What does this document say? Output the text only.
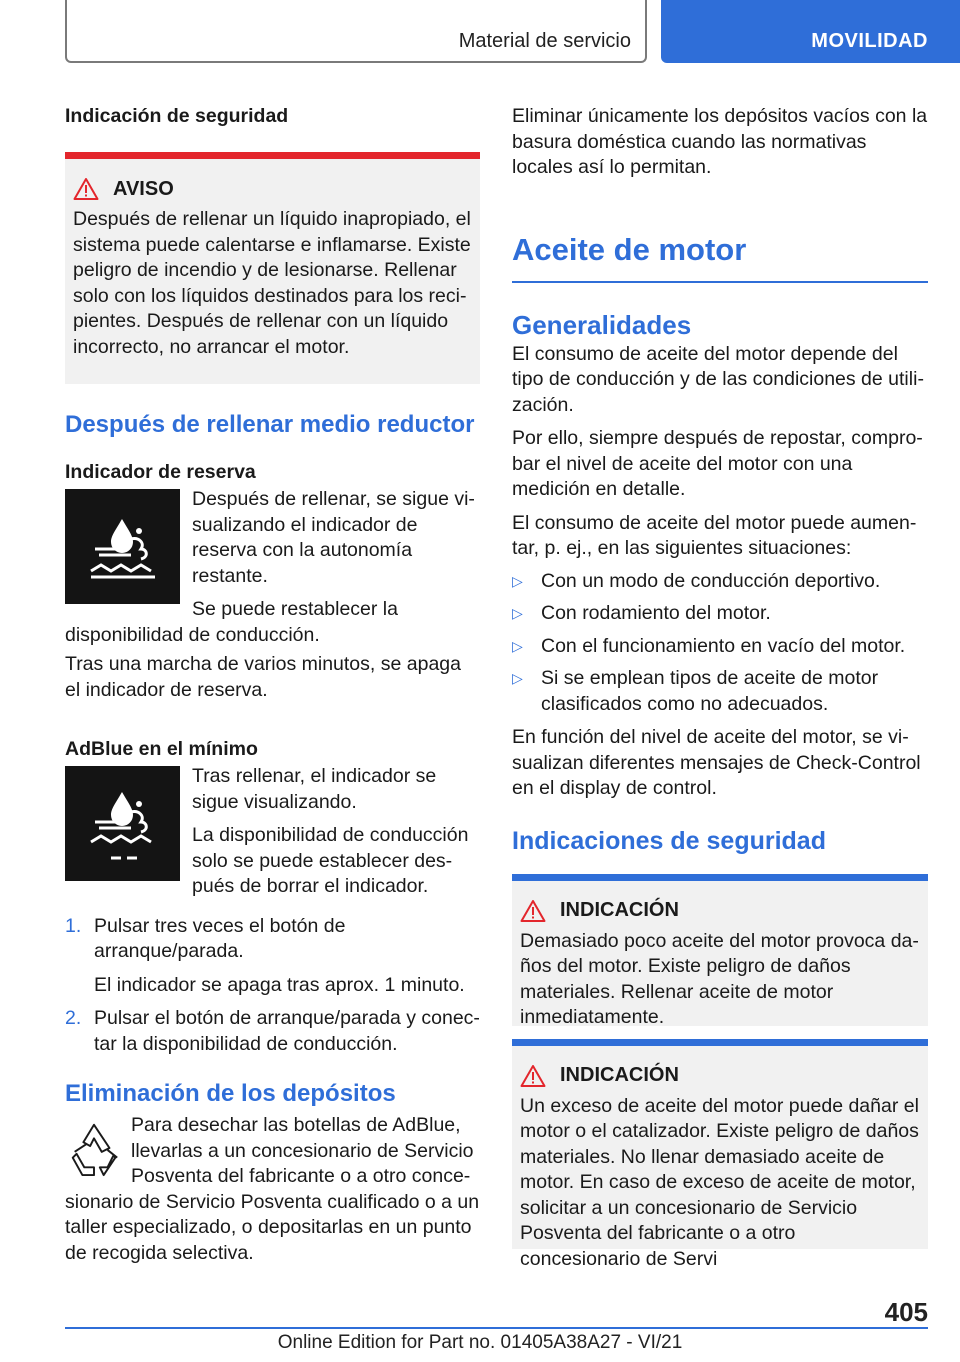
Material de servicio	MOVILIDAD
Indicación de seguridad
AVISO

Después de rellenar un líquido inapropiado, el sistema puede calentarse e inflamarse. Existe peligro de incendio y de lesionarse. Rellenar solo con los líquidos destinados para los recipientes. Después de rellenar con un líquido incorrecto, no arrancar el motor.

Después de rellenar medio reductor
Indicador de reserva

Después de rellenar, se sigue visualizando el indicador de reserva con la autonomía restante.

Se puede restablecer la disponibilidad de conducción.

Tras una marcha de varios minutos, se apaga el indicador de reserva.

AdBlue en el mínimo

Tras rellenar, el indicador se sigue visualizando.

La disponibilidad de conducción solo se puede establecer después de borrar el indicador.

1. Pulsar tres veces el botón de arranque/parada.

El indicador se apaga tras aprox. 1 minuto.

2. Pulsar el botón de arranque/parada y conectar la disponibilidad de conducción.

Eliminación de los depósitos

Para desechar las botellas de AdBlue, llevarlas a un concesionario de Servicio Posventa del fabricante o a otro concesionario de Servicio Posventa cualificado o a un taller especializado, o depositarlas en un punto de recogida selectiva.

Eliminar únicamente los depósitos vacíos con la basura doméstica cuando las normativas locales así lo permitan.

Aceite de motor
Generalidades

El consumo de aceite del motor depende del tipo de conducción y de las condiciones de utilización.

Por ello, siempre después de repostar, comprobar el nivel de aceite del motor con una medición en detalle.

El consumo de aceite del motor puede aumentar, p. ej., en las siguientes situaciones:

▷ Con un modo de conducción deportivo.

▷ Con rodamiento del motor.

▷ Con el funcionamiento en vacío del motor.

▷ Si se emplean tipos de aceite de motor clasificados como no adecuados.

En función del nivel de aceite del motor, se visualizan diferentes mensajes de Check-Control en el display de control.

Indicaciones de seguridad
INDICACIÓN

Demasiado poco aceite del motor provoca daños del motor. Existe peligro de daños materiales. Rellenar aceite de motor inmediatamente.

INDICACIÓN

Un exceso de aceite del motor puede dañar el motor o el catalizador. Existe peligro de daños materiales. No llenar demasiado aceite de motor. En caso de exceso de aceite de motor, solicitar a un concesionario de Servicio Posventa del fabricante o a otro concesionario de Servi

405
Online Edition for Part no. 01405A38A27 - VI/21
